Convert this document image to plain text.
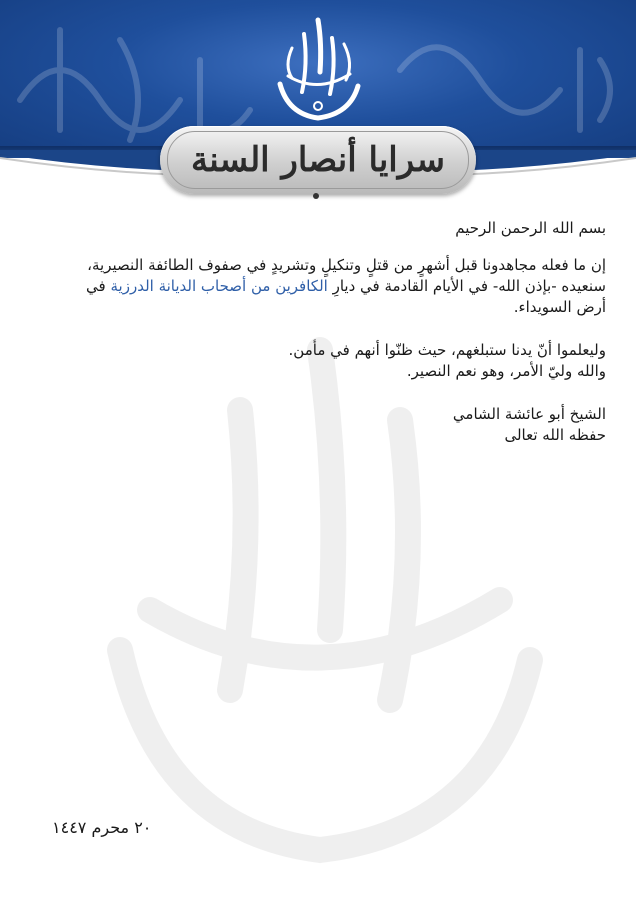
سرايا أنصار السنة

بسم الله الرحمن الرحيم

إن ما فعله مجاهدونا قبل أشهرٍ من قتلٍ وتنكيلٍ وتشريدٍ في صفوف الطائفة النصيرية،

سنعيده -بإذن الله- في الأيام القادمة في ديارِ الكافرين من أصحاب الديانة الدرزية في

أرض السويداء.

وليعلموا أنّ يدنا ستبلغهم، حيث ظنّوا أنهم في مأمن.

والله وليّ الأمر، وهو نعم النصير.

الشيخ أبو عائشة الشامي

حفظه الله تعالى

٢٠ محرم ١٤٤٧
